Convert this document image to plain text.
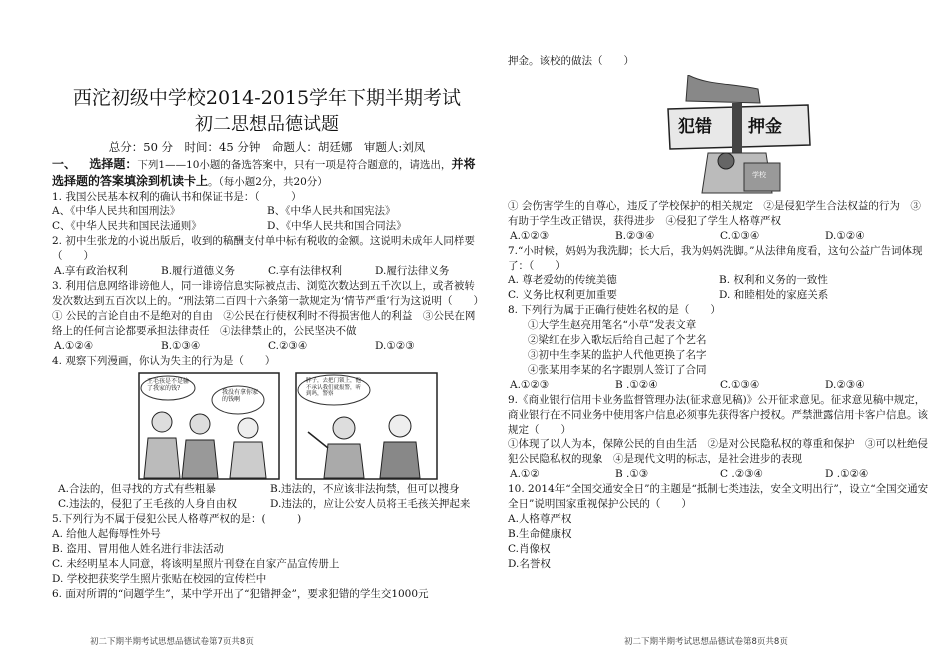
西沱初级中学校2014-2015学年下期半期考试
初二思想品德试题

总分：50 分　时间：45 分钟　命题人：胡廷娜　审题人:刘凤

一、 选择题：下列1——10小题的备选答案中，只有一项是符合题意的，请选出，并将选择题的答案填涂到机读卡上。（每小题2分，共20分）

1. 我国公民基本权利的确认书和保证书是：（　　　）

A、《中华人民共和国刑法》	B、《中华人民共和国宪法》
C、《中华人民共和国民法通则》	D、《中华人民共和国合同法》

2. 初中生张龙的小说出版后，收到的稿酬支付单中标有税收的金额。这说明未成年人同样要（　　）

A.享有政治权利	B.履行道德义务	C.享有法律权利	D.履行法律义务

3. 利用信息网络诽谤他人，同一诽谤信息实际被点击、浏览次数达到五千次以上，或者被转发次数达到五百次以上的。“刑法第二百四十六条第一款规定为‘情节严重’行为这说明（　　）

① 公民的言论自由不是绝对的自由　②公民在行使权利时不得损害他人的利益　③公民在网络上的任何言论都要承担法律责任　④法律禁止的，公民坚决不做

A.①②④	B.①③④	C.②③④	D.①②③

4. 观察下列漫画，你认为失主的行为是（　　）

王毛孩是不是偷了我家的钱?
我没有拿你家的钱啊
胖子，去把门锁上，他不承认我们就报警，听到吗，警察
A.合法的，但寻找的方式有些粗暴	B.违法的，不应该非法拘禁，但可以搜身
C.违法的，侵犯了王毛孩的人身自由权	D.违法的，应让公安人员将王毛孩关押起来

5.下列行为不属于侵犯公民人格尊严权的是：(　　　)

A. 给他人起侮辱性外号

B. 盗用、冒用他人姓名进行非法活动

C. 未经明星本人同意，将该明星照片刊登在自家产品宣传册上

D. 学校把获奖学生照片张贴在校园的宣传栏中

6. 面对所谓的“问题学生”，某中学开出了“犯错押金”，要求犯错的学生交1000元

押金。该校的做法（　　）

犯错 押金
学校

① 会伤害学生的自尊心，违反了学校保护的相关规定　②是侵犯学生合法权益的行为　③有助于学生改正错误，获得进步　④侵犯了学生人格尊严权

A.①②③	B.②③④	C.①③④	D.①②④

7.“小时候，妈妈为我洗脚；长大后，我为妈妈洗脚。”从法律角度看，这句公益广告词体现了：（　　）

A. 尊老爱幼的传统美德	B. 权利和义务的一致性
C. 义务比权利更加重要	D. 和睦相处的家庭关系

8. 下列行为属于正确行使姓名权的是（　　）

①大学生赵亮用笔名“小草”发表文章

②梁红在步入歌坛后给自己起了个艺名

③初中生李某的监护人代他更换了名字

④张某用李某的名字跟别人签订了合同

A.①②③	B .①②④	C.①③④	D.②③④

9.《商业银行信用卡业务监督管理办法(征求意见稿)》公开征求意见。征求意见稿中规定，商业银行在不同业务中使用客户信息必须事先获得客户授权。严禁泄露信用卡客户信息。该规定（　　）

①体现了以人为本，保障公民的自由生活　②是对公民隐私权的尊重和保护　③可以杜绝侵犯公民隐私权的现象　④是现代文明的标志，是社会进步的表现

A.①②	B .①③	C .②③④	D .①②④

10. 2014年“全国交通安全日”的主题是“抵制七类违法，安全文明出行”，设立“全国交通安全日”说明国家重视保护公民的（　　）

A.人格尊严权

B.生命健康权

C.肖像权

D.名誉权

初二下期半期考试思想品德试卷第7页共8页	初二下期半期考试思想品德试卷第8页共8页
